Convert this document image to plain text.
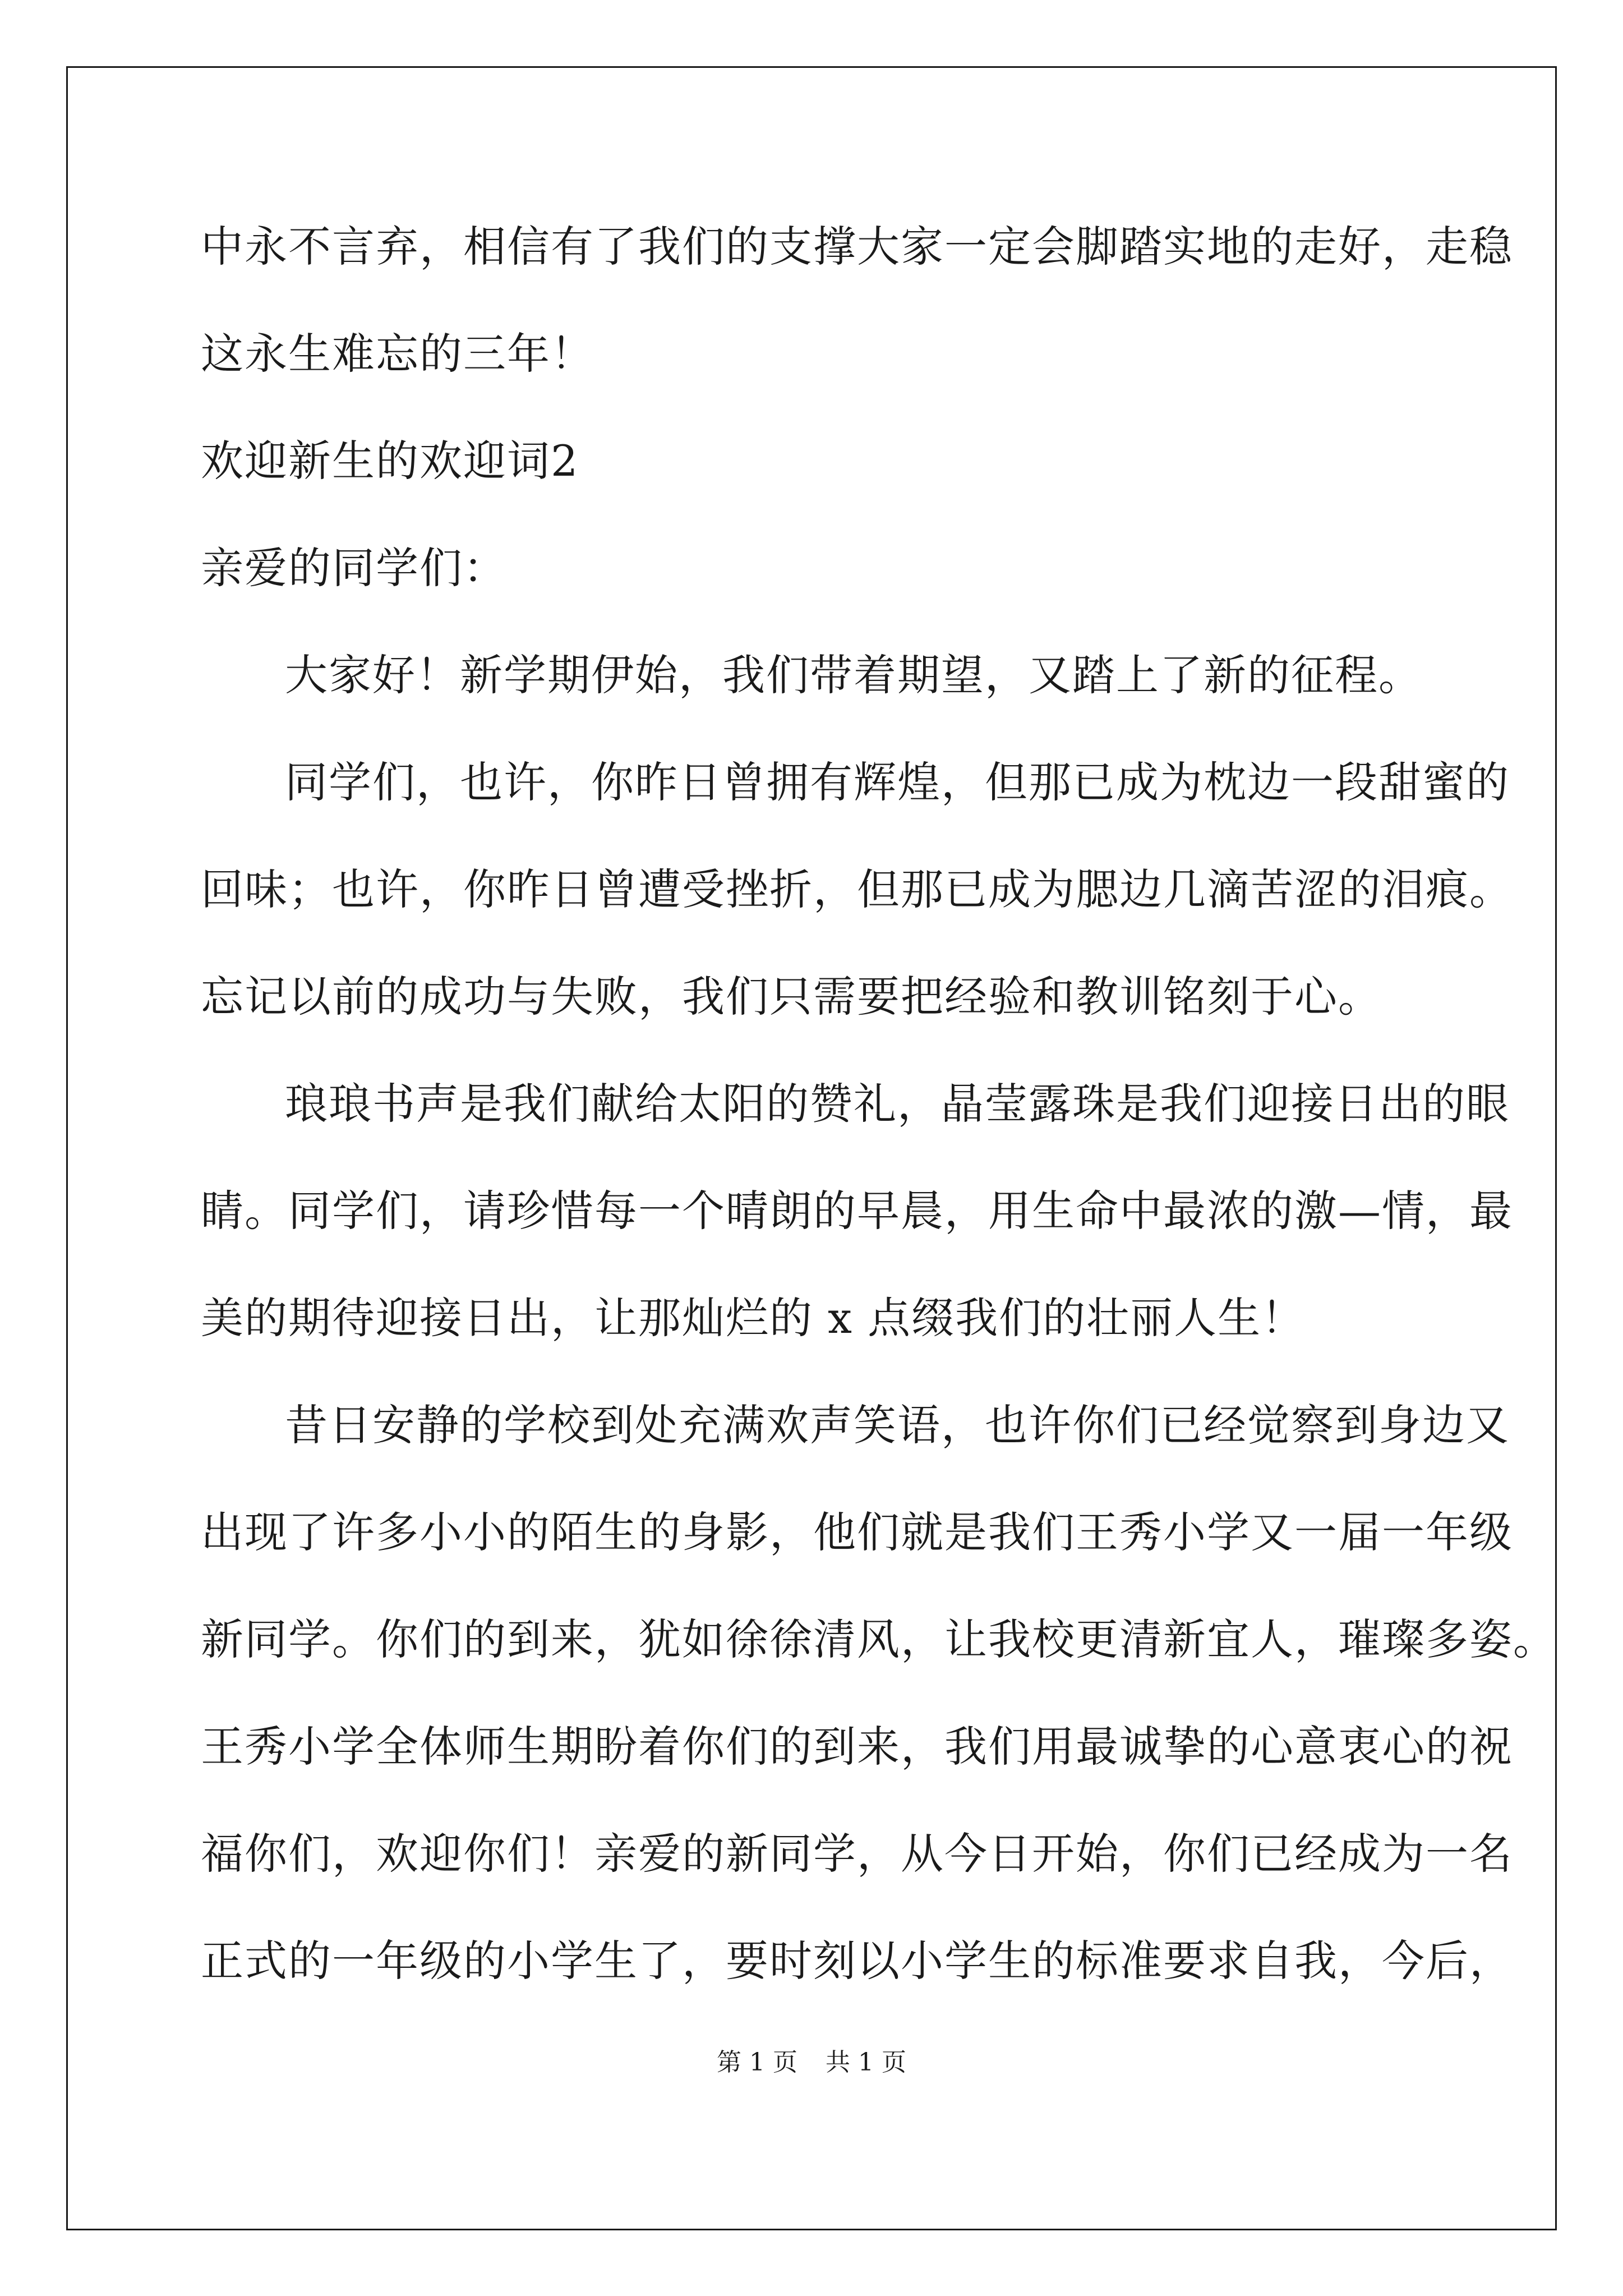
中永不言弃，相信有了我们的支撑大家一定会脚踏实地的走好，走稳
这永生难忘的三年！
欢迎新生的欢迎词2
亲爱的同学们：
大家好！新学期伊始，我们带着期望，又踏上了新的征程。
同学们，也许，你昨日曾拥有辉煌，但那已成为枕边一段甜蜜的
回味；也许，你昨日曾遭受挫折，但那已成为腮边几滴苦涩的泪痕。
忘记以前的成功与失败，我们只需要把经验和教训铭刻于心。
琅琅书声是我们献给太阳的赞礼，晶莹露珠是我们迎接日出的眼
睛。同学们，请珍惜每一个晴朗的早晨，用生命中最浓的激—情，最
美的期待迎接日出，让那灿烂的 x 点缀我们的壮丽人生！
昔日安静的学校到处充满欢声笑语，也许你们已经觉察到身边又
出现了许多小小的陌生的身影，他们就是我们王秀小学又一届一年级
新同学。你们的到来，犹如徐徐清风，让我校更清新宜人，璀璨多姿。
王秀小学全体师生期盼着你们的到来，我们用最诚挚的心意衷心的祝
福你们，欢迎你们！亲爱的新同学，从今日开始，你们已经成为一名
正式的一年级的小学生了，要时刻以小学生的标准要求自我，今后，
第 1 页 共 1 页
